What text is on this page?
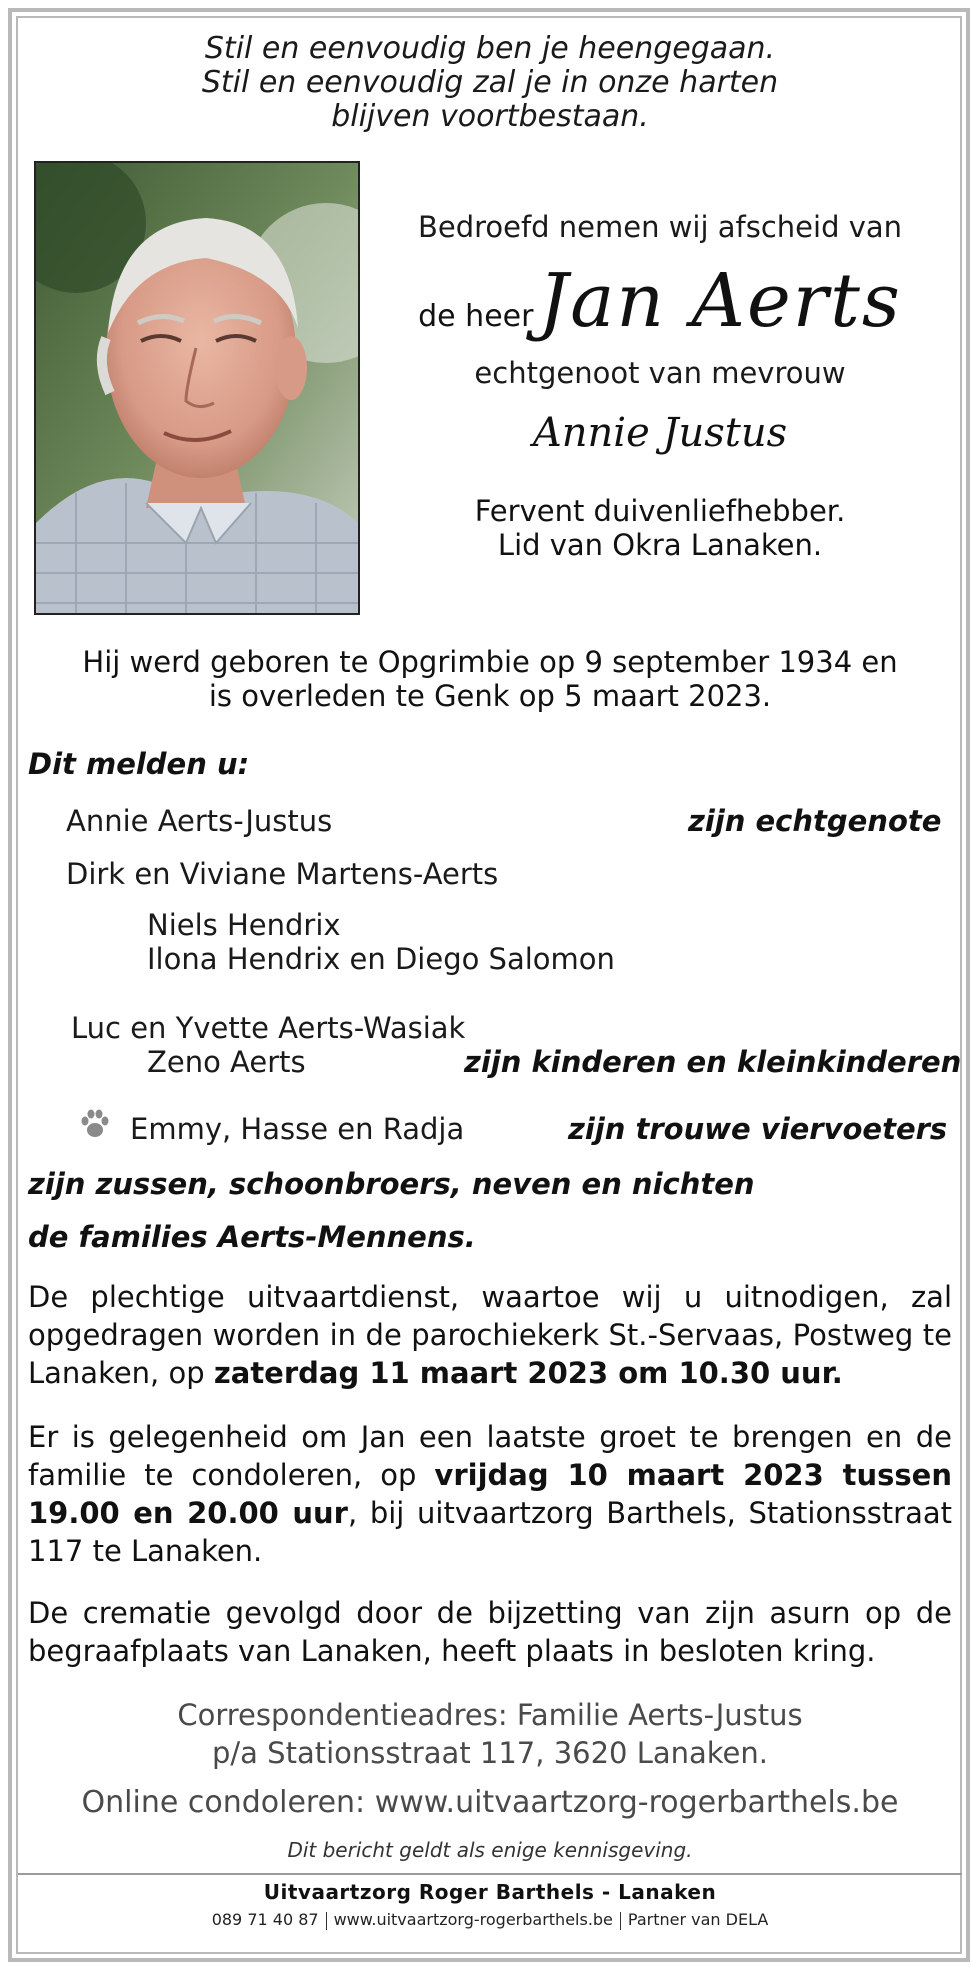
Stil en eenvoudig ben je heengegaan.
Stil en eenvoudig zal je in onze harten
blijven voortbestaan.
Bedroefd nemen wij afscheid van
de heer Jan Aerts
echtgenoot van mevrouw
Annie Justus
Fervent duivenliefhebber.
Lid van Okra Lanaken.
Hij werd geboren te Opgrimbie op 9 september 1934 en
is overleden te Genk op 5 maart 2023.
Dit melden u:
Annie Aerts-Justus	zijn echtgenote
Dirk en Viviane Martens-Aerts
Niels Hendrix
Ilona Hendrix en Diego Salomon
Luc en Yvette Aerts-Wasiak
Zeno Aerts	zijn kinderen en kleinkinderen
Emmy, Hasse en Radja	zijn trouwe viervoeters
zijn zussen, schoonbroers, neven en nichten
de families Aerts-Mennens.
De plechtige uitvaartdienst, waartoe wij u uitnodigen, zal opgedragen worden in de parochiekerk St.-Servaas, Postweg te Lanaken, op zaterdag 11 maart 2023 om 10.30 uur.
Er is gelegenheid om Jan een laatste groet te brengen en de familie te condoleren, op vrijdag 10 maart 2023 tussen 19.00 en 20.00 uur, bij uitvaartzorg Barthels, Stationsstraat 117 te Lanaken.
De crematie gevolgd door de bijzetting van zijn asurn op de begraafplaats van Lanaken, heeft plaats in besloten kring.
Correspondentieadres: Familie Aerts-Justus
p/a Stationsstraat 117, 3620 Lanaken.
Online condoleren: www.uitvaartzorg-rogerbarthels.be
Dit bericht geldt als enige kennisgeving.
Uitvaartzorg Roger Barthels - Lanaken
089 71 40 87 www.uitvaartzorg-rogerbarthels.be Partner van DELA
